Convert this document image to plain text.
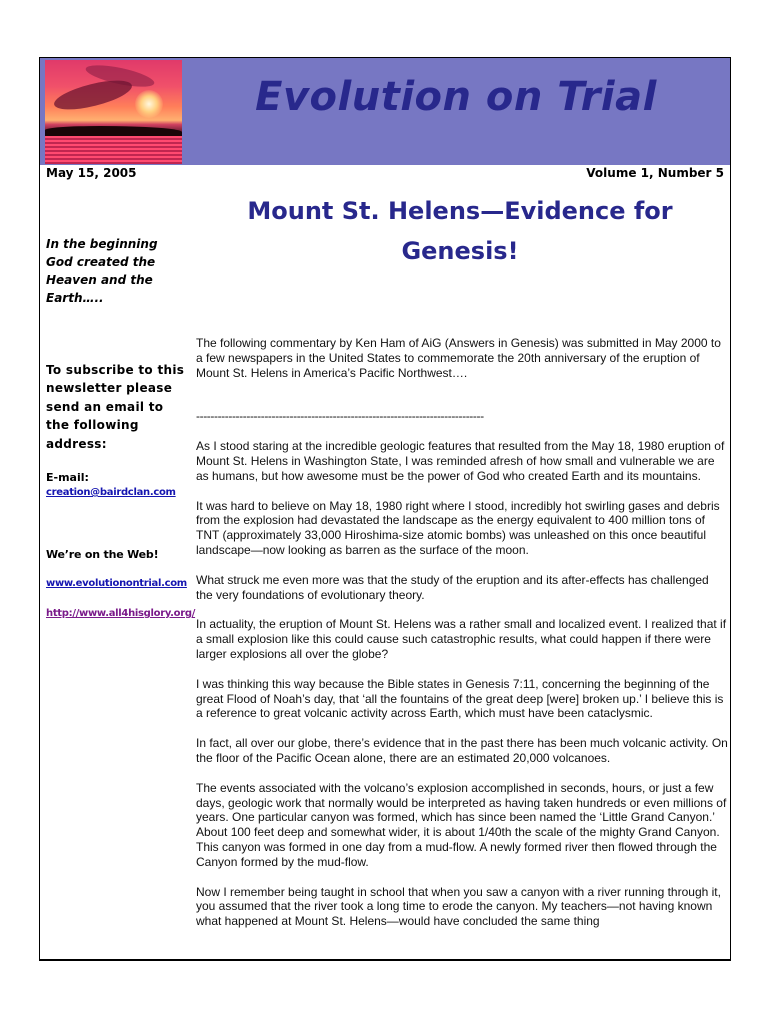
Evolution on Trial
May 15, 2005	Volume 1, Number 5
Mount St. Helens—Evidence for Genesis!
In the beginning God created the Heaven and the Earth…..
To subscribe to this newsletter please send an email to the following address:
E-mail:
creation@bairdclan.com
We’re on the Web!
www.evolutionontrial.com
http://www.all4hisglory.org/

The following commentary by Ken Ham of AiG (Answers in Genesis) was submitted in May 2000 to a few newspapers in the United States to commemorate the 20th anniversary of the eruption of Mount St. Helens in America’s Pacific Northwest….

--------------------------------------------------------------------------------

As I stood staring at the incredible geologic features that resulted from the May 18, 1980 eruption of Mount St. Helens in Washington State, I was reminded afresh of how small and vulnerable we are as humans, but how awesome must be the power of God who created Earth and its mountains.

It was hard to believe on May 18, 1980 right where I stood, incredibly hot swirling gases and debris from the explosion had devastated the landscape as the energy equivalent to 400 million tons of TNT (approximately 33,000 Hiroshima-size atomic bombs) was unleashed on this once beautiful landscape—now looking as barren as the surface of the moon.

What struck me even more was that the study of the eruption and its after-effects has challenged the very foundations of evolutionary theory.

In actuality, the eruption of Mount St. Helens was a rather small and localized event. I realized that if a small explosion like this could cause such catastrophic results, what could happen if there were larger explosions all over the globe?

I was thinking this way because the Bible states in Genesis 7:11, concerning the beginning of the great Flood of Noah’s day, that ‘all the fountains of the great deep [were] broken up.’ I believe this is a reference to great volcanic activity across Earth, which must have been cataclysmic.

In fact, all over our globe, there’s evidence that in the past there has been much volcanic activity. On the floor of the Pacific Ocean alone, there are an estimated 20,000 volcanoes.

The events associated with the volcano’s explosion accomplished in seconds, hours, or just a few days, geologic work that normally would be interpreted as having taken hundreds or even millions of years. One particular canyon was formed, which has since been named the ‘Little Grand Canyon.’ About 100 feet deep and somewhat wider, it is about 1/40th the scale of the mighty Grand Canyon. This canyon was formed in one day from a mud-flow. A newly formed river then flowed through the Canyon formed by the mud-flow.

Now I remember being taught in school that when you saw a canyon with a river running through it, you assumed that the river took a long time to erode the canyon. My teachers—not having known what happened at Mount St. Helens—would have concluded the same thing
